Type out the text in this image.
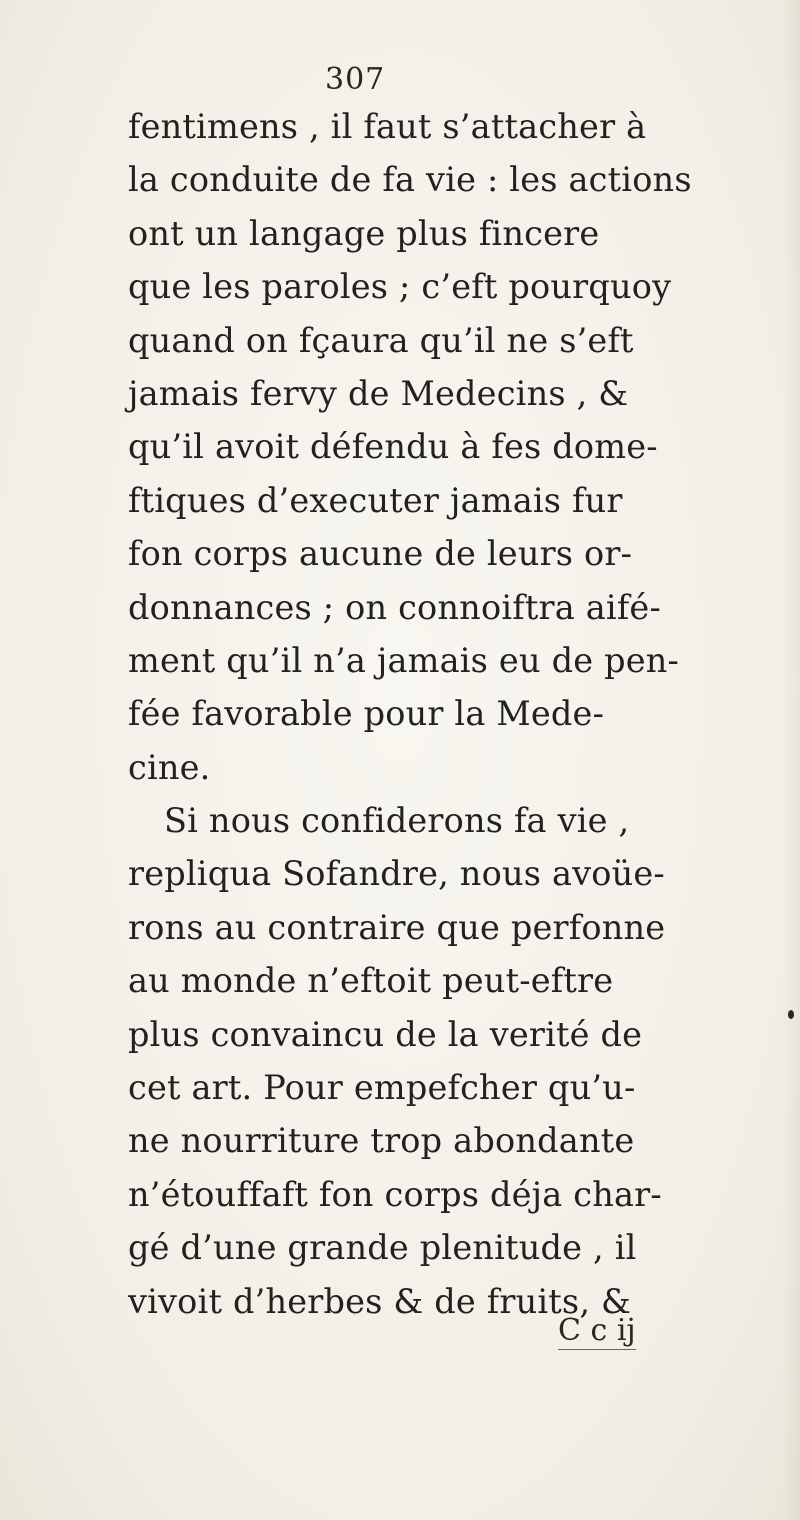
307
fentimens , il faut s’attacher à
la conduite de fa vie : les actions
ont un langage plus fincere
que les paroles ; c’eft pourquoy
quand on fçaura qu’il ne s’eft
jamais fervy de Medecins , &
qu’il avoit défendu à fes dome-
ftiques d’executer jamais fur
fon corps aucune de leurs or-
donnances ; on connoiftra aifé-
ment qu’il n’a jamais eu de pen-
fée favorable pour la Mede-
cine.
Si nous confiderons fa vie ,
repliqua Sofandre, nous avoüe-
rons au contraire que perfonne
au monde n’eftoit peut-eftre
plus convaincu de la verité de
cet art. Pour empefcher qu’u-
ne nourriture trop abondante
n’étouffaft fon corps déja char-
gé d’une grande plenitude , il
vivoit d’herbes & de fruits, &
C c ij
